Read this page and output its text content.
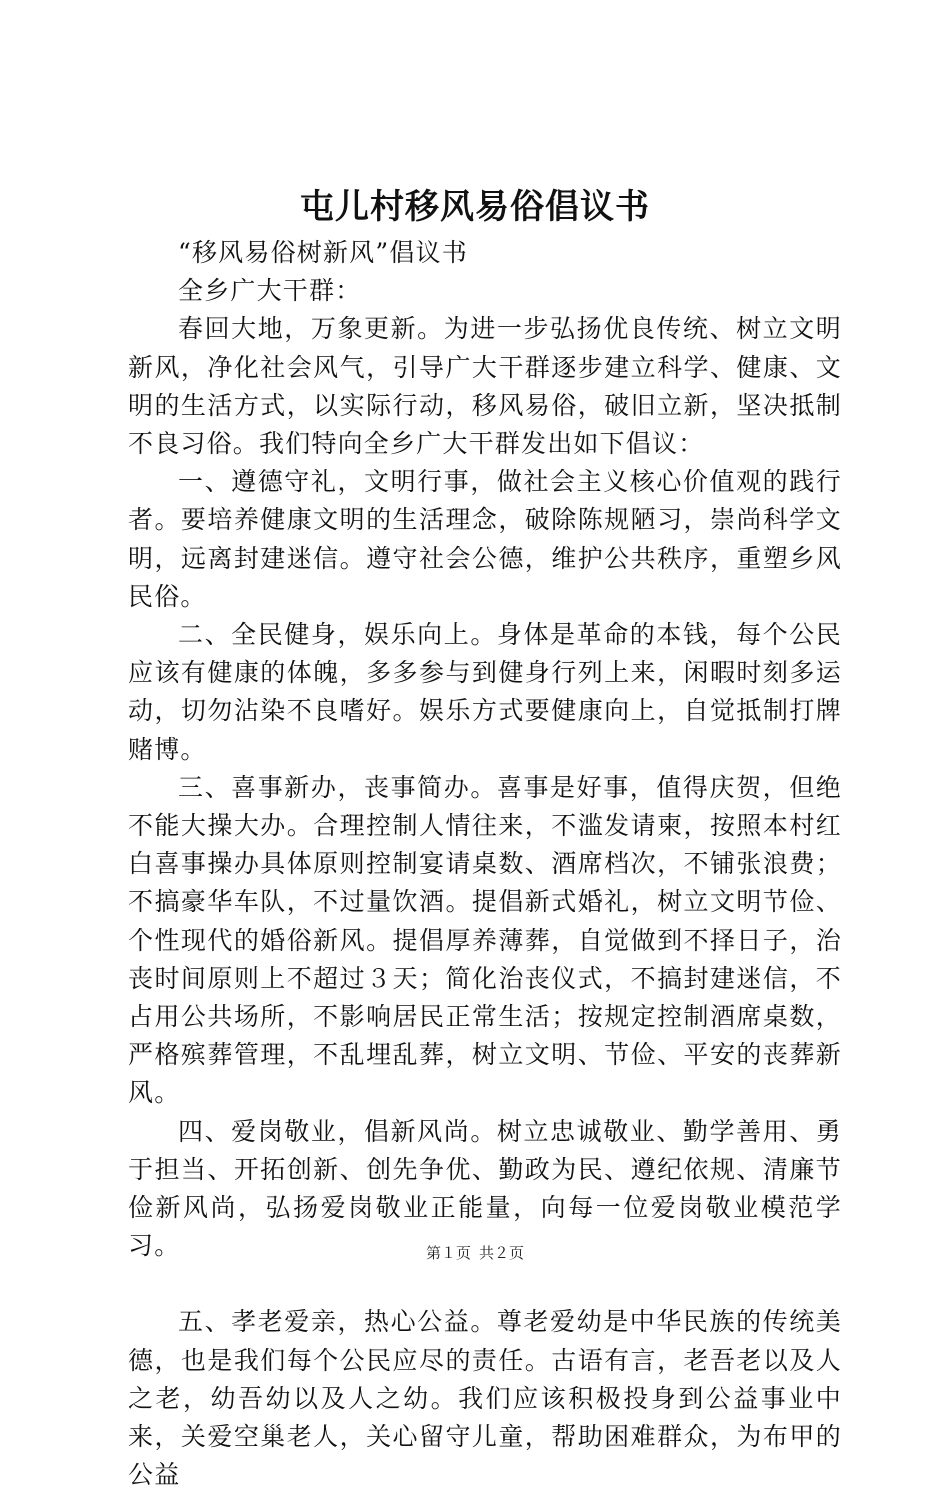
屯儿村移风易俗倡议书

“移风易俗树新风”倡议书

全乡广大干群：

春回大地，万象更新。为进一步弘扬优良传统、树立文明新风，净化社会风气，引导广大干群逐步建立科学、健康、文明的生活方式，以实际行动，移风易俗，破旧立新，坚决抵制不良习俗。我们特向全乡广大干群发出如下倡议：

一、遵德守礼，文明行事，做社会主义核心价值观的践行者。要培养健康文明的生活理念，破除陈规陋习，崇尚科学文明，远离封建迷信。遵守社会公德，维护公共秩序，重塑乡风民俗。

二、全民健身，娱乐向上。身体是革命的本钱，每个公民应该有健康的体魄，多多参与到健身行列上来，闲暇时刻多运动，切勿沾染不良嗜好。娱乐方式要健康向上，自觉抵制打牌赌博。

三、喜事新办，丧事简办。喜事是好事，值得庆贺，但绝不能大操大办。合理控制人情往来，不滥发请柬，按照本村红白喜事操办具体原则控制宴请桌数、酒席档次，不铺张浪费；不搞豪华车队，不过量饮酒。提倡新式婚礼，树立文明节俭、个性现代的婚俗新风。提倡厚养薄葬，自觉做到不择日子，治丧时间原则上不超过３天；简化治丧仪式，不搞封建迷信，不占用公共场所，不影响居民正常生活；按规定控制酒席桌数，严格殡葬管理，不乱埋乱葬，树立文明、节俭、平安的丧葬新风。

四、爱岗敬业，倡新风尚。树立忠诚敬业、勤学善用、勇于担当、开拓创新、创先争优、勤政为民、遵纪依规、清廉节俭新风尚，弘扬爱岗敬业正能量，向每一位爱岗敬业模范学习。

五、孝老爱亲，热心公益。尊老爱幼是中华民族的传统美德，也是我们每个公民应尽的责任。古语有言，老吾老以及人之老，幼吾幼以及人之幼。我们应该积极投身到公益事业中来，关爱空巢老人，关心留守儿童，帮助困难群众，为布甲的公益

第１页 共２页
